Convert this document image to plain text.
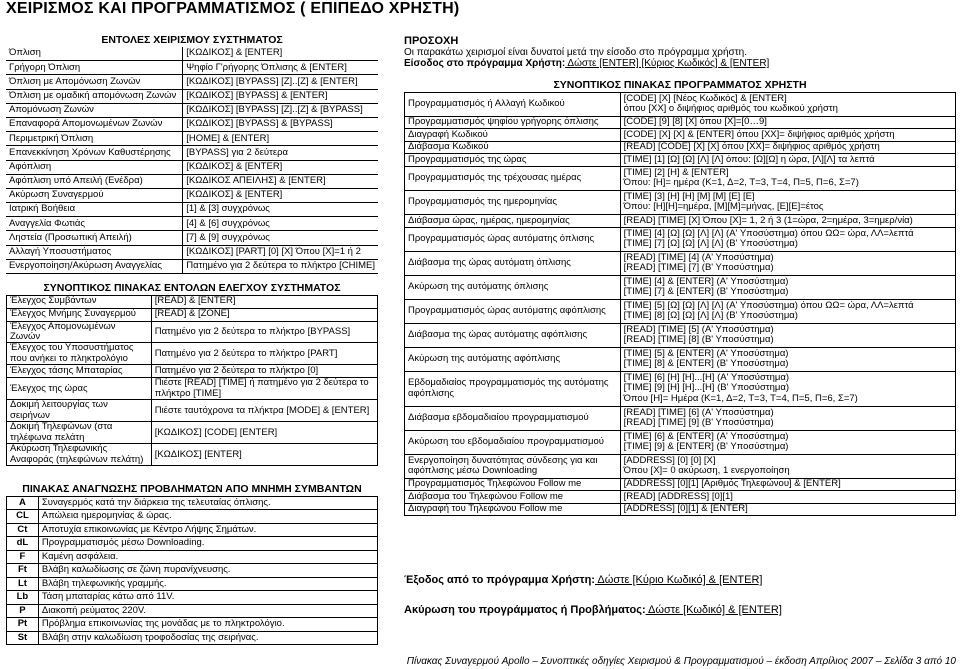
ΧΕΙΡΙΣΜΟΣ ΚΑΙ ΠΡΟΓΡΑΜΜΑΤΙΣΜΟΣ ( ΕΠΙΠΕΔΟ ΧΡΗΣΤΗ)
ΕΝΤΟΛΕΣ ΧΕΙΡΙΣΜΟΥ ΣΥΣΤΗΜΑΤΟΣ	
Όπλιση	[ΚΩΔΙΚΟΣ] & [ENTER]
Γρήγορη Όπλιση	Ψηφίο Γ'ρήγορης Όπλισης & [ENTER]
Όπλιση με Απομόνωση Ζωνών	[ΚΩΔΙΚΟΣ] [BYPASS] [Ζ]..[Ζ] & [ENTER]
Όπλιση με ομαδική απομόνωση Ζωνών	[ΚΩΔΙΚΟΣ] [BYPASS] & [ENTER]
Απομόνωση Ζωνών	[ΚΩΔΙΚΟΣ] [BYPASS] [Ζ]..[Ζ] & [BYPASS]
Επαναφορά Απομονωμένων Ζωνών	[ΚΩΔΙΚΟΣ] [BYPASS] & [BYPASS]
Περιμετρική Όπλιση	[HOME] & [ENTER]
Επανεκκίνηση Χρόνων Καθυστέρησης	[BYPASS] για 2 δεύτερα
Αφόπλιση	[ΚΩΔΙΚΟΣ] & [ENTER]
Αφόπλιση υπό Απειλή (Ενέδρα)	[ΚΩΔΙΚΟΣ ΑΠΕΙΛΗΣ] & [ENTER]
Ακύρωση Συναγερμού	[ΚΩΔΙΚΟΣ] & [ENTER]
Ιατρική Βοήθεια	[1] & [3] συγχρόνως
Αναγγελία Φωτιάς	[4] & [6] συγχρόνως
Ληστεία (Προσωπική Απειλή)	[7] & [9] συγχρόνως
Αλλαγή Υποσυστήματος	[ΚΩΔΙΚΟΣ] [PART] [0] [Χ] Όπου [Χ]=1 ή 2
Ενεργοποίηση/Ακύρωση Αναγγελίας	Πατημένο για 2 δεύτερα το πλήκτρο [CHIME]
ΣΥΝΟΠΤΙΚΟΣ ΠΙΝΑΚΑΣ ΕΝΤΟΛΩΝ ΕΛΕΓΧΟΥ ΣΥΣΤΗΜΑΤΟΣ	
Έλεγχος Συμβάντων	[READ] & [ENTER]
Έλεγχος Μνήμης Συναγερμού	[READ] & [ZONE]
Έλεγχος Απομονωμένων Ζωνών	Πατημένο για 2 δεύτερα το πλήκτρο [BYPASS]
Έλεγχος του Υποσυστήματος που ανήκει το πληκτρολόγιο	Πατημένο για 2 δεύτερα το πλήκτρο [PART]
Έλεγχος τάσης Μπαταρίας	Πατημένο για 2 δεύτερα το πλήκτρο [0]
Έλεγχος της ώρας	Πιέστε [READ] [TIME] ή πατημένο για 2 δεύτερα το πλήκτρο [TIME]
Δοκιμή λειτουργίας των σειρήνων	Πιέστε ταυτόχρονα τα πλήκτρα [MODE] & [ENTER]
Δοκιμή Τηλεφώνων (στα τηλέφωνα πελάτη	[ΚΩΔΙΚΟΣ] [CODE] [ENTER]
Ακύρωση Τηλεφωνικής Αναφοράς (τηλεφώνων πελάτη)	[ΚΩΔΙΚΟΣ] [ENTER]
ΠΙΝΑΚΑΣ ΑΝΑΓΝΩΣΗΣ ΠΡΟΒΛΗΜΑΤΩΝ ΑΠΟ ΜΝΗΜΗ ΣΥΜΒΑΝΤΩΝ	
A	Συναγερμός κατά την διάρκεια της τελευταίας όπλισης.
CL	Απώλεια ημερομηνίας & ώρας.
Ct	Αποτυχία επικοινωνίας με Κέντρο Λήψης Σημάτων.
dL	Προγραμματισμός μέσω Downloading.
F	Καμένη ασφάλεια.
Ft	Βλάβη καλωδίωσης σε ζώνη πυρανίχνευσης.
Lt	Βλάβη τηλεφωνικής γραμμής.
Lb	Τάση μπαταρίας κάτω από 11V.
P	Διακοπή ρεύματος 220V.
Pt	Πρόβλημα επικοινωνίας της μονάδας με το πληκτρολόγιο.
St	Βλάβη στην καλωδίωση τροφοδοσίας της σειρήνας.
ΠΡΟΣΟΧΗ
Οι παρακάτω χειρισμοί είναι δυνατοί μετά την είσοδο στο πρόγραμμα χρήστη.
Είσοδος στο πρόγραμμα Χρήστη: Δώστε [ENTER] [Κύριος Κωδικός] & [ENTER]
ΣΥΝΟΠΤΙΚΟΣ ΠΙΝΑΚΑΣ ΠΡΟΓΡΑΜΜΑΤΟΣ ΧΡΗΣΤΗ	
Προγραμματισμός ή Αλλαγή Κωδικού	[CODE] [Χ] [Νέος Κωδικός] & [ENTER]
όπου [ΧΧ] ο διψήφιος αριθμός του κωδικού χρήστη
Προγραμματισμός ψηφίου γρήγορης όπλισης	[CODE] [9] [8] [Χ] όπου [Χ]=[0…9]
Διαγραφή Κωδικού	[CODE] [Χ] [Χ] & [ENTER] όπου [ΧΧ]= διψήφιος αριθμός χρήστη
Διάβασμα Κωδικού	[READ] [CODE] [Χ] [Χ] όπου [ΧΧ]= διψήφιος αριθμός χρήστη
Προγραμματισμός της ώρας	[TIME] [1] [Ω] [Ω] [Λ] [Λ] όπου: [Ω][Ω] η ώρα, [Λ][Λ] τα λεπτά
Προγραμματισμός της τρέχουσας ημέρας	[TIME] [2] [Η] & [ENTER]
Όπου: [Η]= ημέρα (Κ=1, Δ=2, Τ=3, Τ=4, Π=5, Π=6, Σ=7)
Προγραμματισμός της ημερομηνίας	[TIME] [3] [Η] [Η] [Μ] [Μ] [Ε] [Ε]
Όπου: [Η][Η]=ημέρα, [Μ][Μ]=μήνας, [Ε][Ε]=έτος
Διάβασμα ώρας, ημέρας, ημερομηνίας	[READ] [TIME] [Χ] Όπου [Χ]= 1, 2 ή 3 (1=ώρα, 2=ημέρα, 3=ημερ/νία)
Προγραμματισμός ώρας αυτόματης όπλισης	[TIME] [4] [Ω] [Ω] [Λ] [Λ] (Α' Υποσύστημα) όπου ΩΩ= ώρα, ΛΛ=λεπτά
[TIME] [7] [Ω] [Ω] [Λ] [Λ] (Β' Υποσύστημα)
Διάβασμα της ώρας αυτόματη όπλισης	[READ] [TIME] [4] (Α' Υποσύστημα)
[READ] [TIME] [7] (Β' Υποσύστημα)
Ακύρωση της αυτόματης όπλισης	[TIME] [4] & [ENTER] (Α' Υποσύστημα)
[TIME] [7] & [ENTER] (Β' Υποσύστημα)
Προγραμματισμός ώρας αυτόματης αφόπλισης	[TIME] [5] [Ω] [Ω] [Λ] [Λ] (Α' Υποσύστημα) όπου ΩΩ= ώρα, ΛΛ=λεπτά
[TIME] [8] [Ω] [Ω] [Λ] [Λ] (Β' Υποσύστημα)
Διάβασμα της ώρας αυτόματης αφόπλισης	[READ] [TIME] [5] (Α' Υποσύστημα)
[READ] [TIME] [8] (Β' Υποσύστημα)
Ακύρωση της αυτόματης αφόπλισης	[TIME] [5] & [ENTER] (Α' Υποσύστημα)
[TIME] [8] & [ENTER] (Β' Υποσύστημα)
Εβδομαδιαίος προγραμματισμός της αυτόματης αφόπλισης	[TIME] [6] [Η] [Η]...[Η] (Α' Υποσύστημα)
[TIME] [9] [Η] [Η]...[Η] (Β' Υποσύστημα)
Όπου [Η]= Ημέρα (Κ=1, Δ=2, Τ=3, Τ=4, Π=5, Π=6, Σ=7)
Διάβασμα εβδομαδιαίου προγραμματισμού	[READ] [TIME] [6] (Α' Υποσύστημα)
[READ] [TIME] [9] (Β' Υποσύστημα)
Ακύρωση του εβδομαδιαίου προγραμματισμού	[TIME] [6] & [ENTER] (Α' Υποσύστημα)
[TIME] [9] & [ENTER] (Β' Υποσύστημα)
Ενεργοποίηση δυνατότητας σύνδεσης για και αφόπλισης μέσω Downloading	[ADDRESS] [0] [0] [Χ]
Όπου [Χ]= 0 ακύρωση, 1 ενεργοποίηση
Προγραμματισμός Τηλεφώνου Follow me	[ADDRESS] [0][1] [Αριθμός Τηλεφώνου] & [ENTER]
Διάβασμα του Τηλεφώνου Follow me	[READ] [ADDRESS] [0][1]
Διαγραφή του Τηλεφώνου Follow me	[ADDRESS] [0][1] & [ENTER]
Έξοδος από το πρόγραμμα Χρήστη: Δώστε [Κύριο Κωδικό] & [ENTER]
Ακύρωση του προγράμματος ή Προβλήματος: Δώστε [Κωδικό] & [ENTER]
Πίνακας Συναγερμού Apollo – Συνοπτικές οδηγίες Χειρισμού & Προγραμματισμού – έκδοση Απρίλιος 2007 – Σελίδα 3 από 10
